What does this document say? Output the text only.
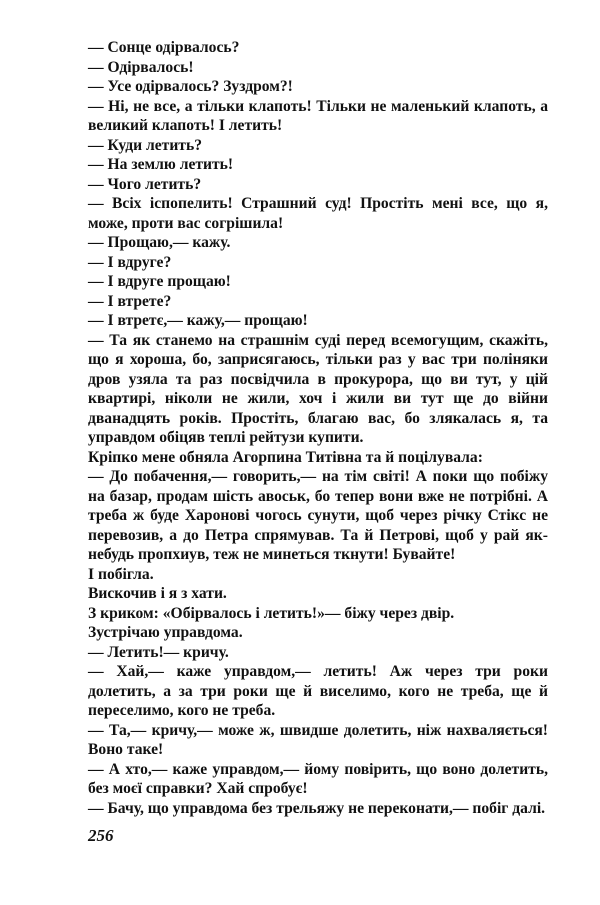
— Сонце одірвалось?

— Одірвалось!

— Усе одірвалось? Зуздром?!

— Ні, не все, а тільки клапоть! Тільки не маленький клапоть, а великий клапоть! І летить!

— Куди летить?

— На землю летить!

— Чого летить?

— Всіх іспопелить! Страшний суд! Простіть мені все, що я, може, проти вас согрішила!

— Прощаю,— кажу.

— І вдруге?

— І вдруге прощаю!

— І втрете?

— І втретє,— кажу,— прощаю!

— Та як станемо на страшнім суді перед всемогущим, скажіть, що я хороша, бо, заприсягаюсь, тільки раз у вас три поліняки дров узяла та раз посвідчила в прокурора, що ви тут, у цій квартирі, ніколи не жили, хоч і жили ви тут ще до війни дванадцять років. Простіть, благаю вас, бо злякалась я, та управдом обіцяв теплі рейтузи купити.

Кріпко мене обняла Агорпина Титівна та й поцілувала:

— До побачення,— говорить,— на тім світі! А поки що побіжу на базар, продам шість авоськ, бо тепер вони вже не потрібні. А треба ж буде Харонові чогось сунути, щоб через річку Стікс не перевозив, а до Петра спрямував. Та й Петрові, щоб у рай як-небудь пропхиув, теж не минеться ткнути! Бувайте!

І побігла.

Вискочив і я з хати.

З криком: «Обірвалось і летить!»— біжу через двір.

Зустрічаю управдома.

— Летить!— кричу.

— Хай,— каже управдом,— летить! Аж через три роки долетить, а за три роки ще й виселимо, кого не треба, ще й переселимо, кого не треба.

— Та,— кричу,— може ж, швидше долетить, ніж нахваляється! Воно таке!

— А хто,— каже управдом,— йому повірить, що воно долетить, без моєї справки? Хай спробує!

— Бачу, що управдома без трельяжу не переконати,— побіг далі.

256
